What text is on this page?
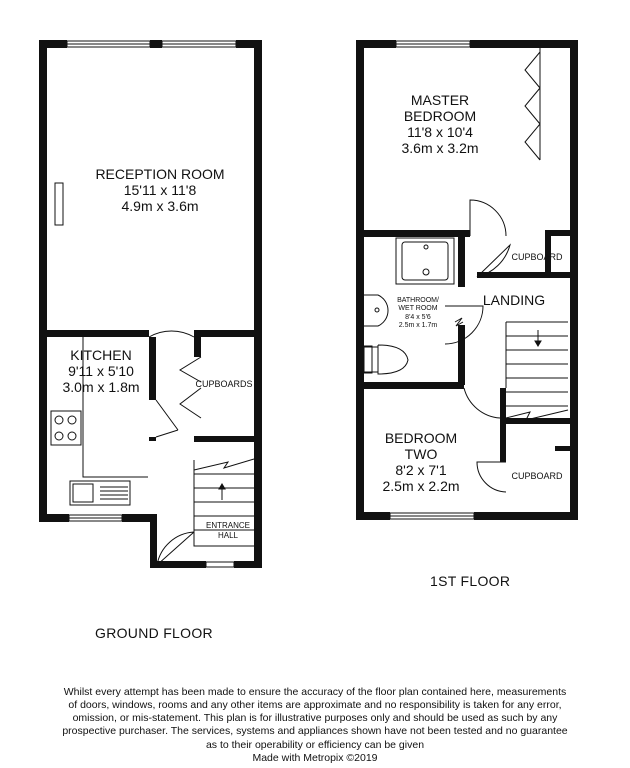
RECEPTION ROOM
15'11 x 11'8
4.9m x 3.6m
KITCHEN
9'11 x 5'10
3.0m x 1.8m	CUPBOARDS
ENTRANCE
HALL
GROUND FLOOR
MASTER
BEDROOM
11'8 x 10'4
3.6m x 3.2m
CUPBOARD
LANDING
BATHROOM/
WET ROOM
8'4 x 5'6
2.5m x 1.7m
BEDROOM
TWO
8'2 x 7'1
2.5m x 2.2m
CUPBOARD
1ST FLOOR
Whilst every attempt has been made to ensure the accuracy of the floor plan contained here, measurements
of doors, windows, rooms and any other items are approximate and no responsibility is taken for any error,
omission, or mis-statement. This plan is for illustrative purposes only and should be used as such by any
prospective purchaser. The services, systems and appliances shown have not been tested and no guarantee
as to their operability or efficiency can be given
Made with Metropix ©2019
